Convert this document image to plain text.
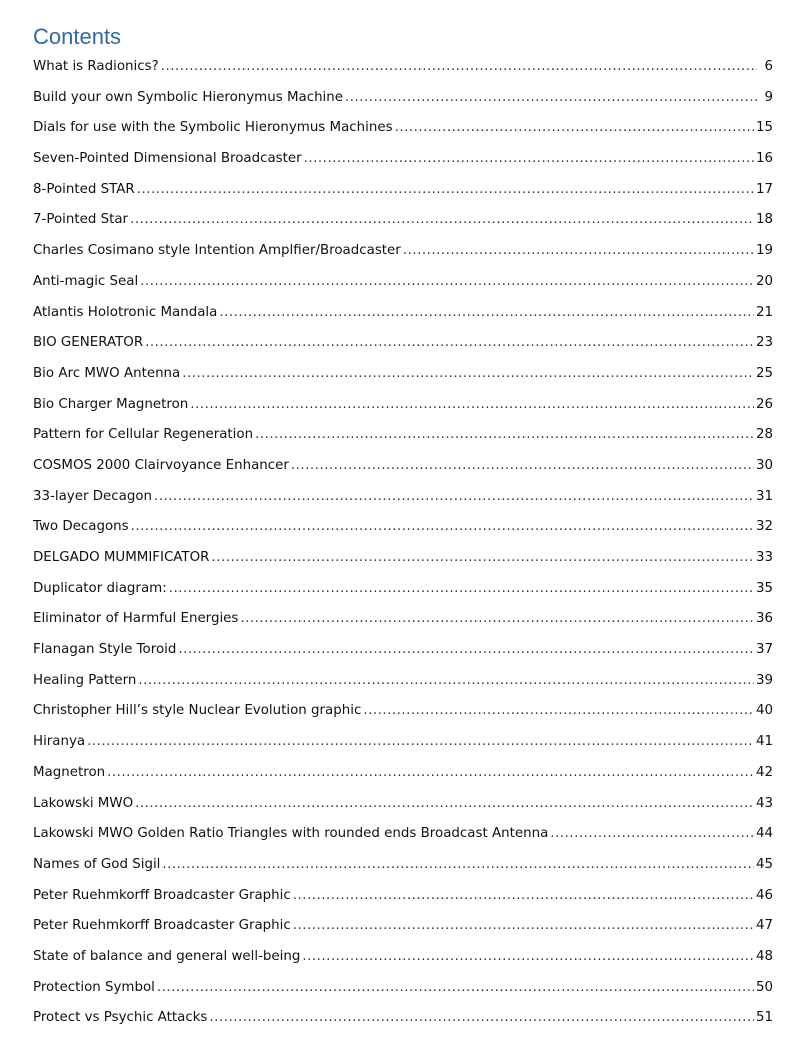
Contents
What is Radionics? .....	6
Build your own Symbolic Hieronymus Machine .....	9
Dials for use with the Symbolic Hieronymus Machines .....	15
Seven-Pointed Dimensional Broadcaster .....	16
8-Pointed STAR .....	17
7-Pointed Star .....	18
Charles Cosimano style Intention Amplfier/Broadcaster .....	19
Anti-magic Seal .....	20
Atlantis Holotronic Mandala .....	21
BIO GENERATOR .....	23
Bio Arc MWO Antenna .....	25
Bio Charger Magnetron .....	26
Pattern for Cellular Regeneration .....	28
COSMOS 2000 Clairvoyance Enhancer .....	30
33-layer Decagon .....	31
Two Decagons .....	32
DELGADO MUMMIFICATOR .....	33
Duplicator diagram: .....	35
Eliminator of Harmful Energies .....	36
Flanagan Style Toroid .....	37
Healing Pattern .....	39
Christopher Hill’s style Nuclear Evolution graphic .....	40
Hiranya .....	41
Magnetron .....	42
Lakowski MWO .....	43
Lakowski MWO Golden Ratio Triangles with rounded ends Broadcast Antenna .....	44
Names of God Sigil .....	45
Peter Ruehmkorff Broadcaster Graphic .....	46
Peter Ruehmkorff Broadcaster Graphic .....	47
State of balance and general well-being .....	48
Protection Symbol .....	50
Protect vs Psychic Attacks .....	51
